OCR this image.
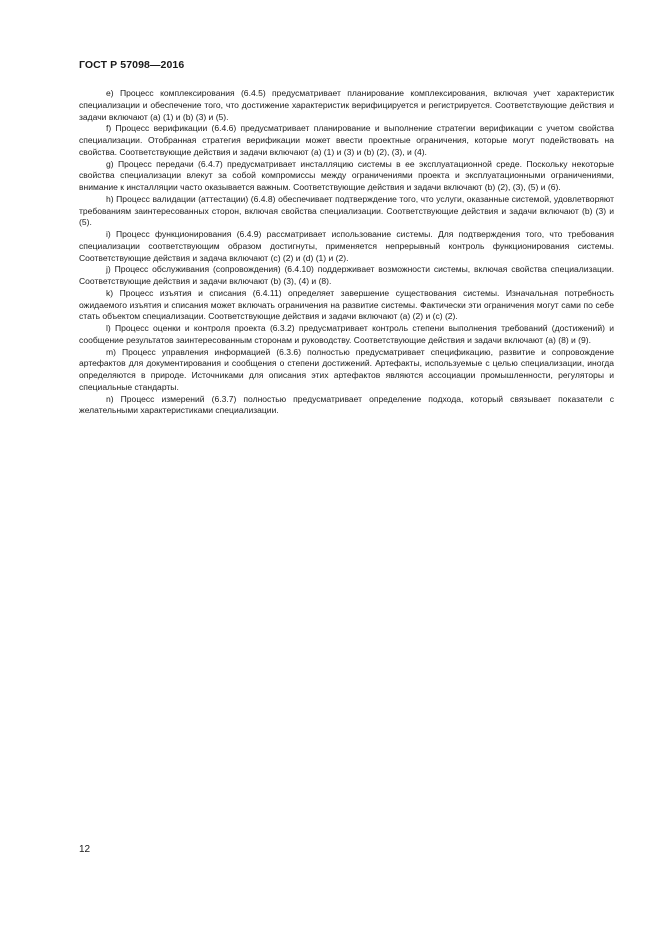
ГОСТ Р 57098—2016

e) Процесс комплексирования (6.4.5) предусматривает планирование комплексирования, включая учет характеристик специализации и обеспечение того, что достижение характеристик верифицируется и регистрируется. Соответствующие действия и задачи включают (a) (1) и (b) (3) и (5).

f) Процесс верификации (6.4.6) предусматривает планирование и выполнение стратегии верификации с учетом свойства специализации. Отобранная стратегия верификации может ввести проектные ограничения, которые могут подействовать на свойства. Соответствующие действия и задачи включают (a) (1) и (3) и (b) (2), (3), и (4).

g) Процесс передачи (6.4.7) предусматривает инсталляцию системы в ее эксплуатационной среде. Поскольку некоторые свойства специализации влекут за собой компромиссы между ограничениями проекта и эксплуатационными ограничениями, внимание к инсталляции часто оказывается важным. Соответствующие действия и задачи включают (b) (2), (3), (5) и (6).

h) Процесс валидации (аттестации) (6.4.8) обеспечивает подтверждение того, что услуги, оказанные системой, удовлетворяют требованиям заинтересованных сторон, включая свойства специализации. Соответствующие действия и задачи включают (b) (3) и (5).

i) Процесс функционирования (6.4.9) рассматривает использование системы. Для подтверждения того, что требования специализации соответствующим образом достигнуты, применяется непрерывный контроль функционирования системы. Соответствующие действия и задача включают (c) (2) и (d) (1) и (2).

j) Процесс обслуживания (сопровождения) (6.4.10) поддерживает возможности системы, включая свойства специализации. Соответствующие действия и задачи включают (b) (3), (4) и (8).

k) Процесс изъятия и списания (6.4.11) определяет завершение существования системы. Изначальная потребность ожидаемого изъятия и списания может включать ограничения на развитие системы. Фактически эти ограничения могут сами по себе стать объектом специализации. Соответствующие действия и задачи включают (a) (2) и (c) (2).

l) Процесс оценки и контроля проекта (6.3.2) предусматривает контроль степени выполнения требований (достижений) и сообщение результатов заинтересованным сторонам и руководству. Соответствующие действия и задачи включают (a) (8) и (9).

m) Процесс управления информацией (6.3.6) полностью предусматривает спецификацию, развитие и сопровождение артефактов для документирования и сообщения о степени достижений. Артефакты, используемые с целью специализации, иногда определяются в природе. Источниками для описания этих артефактов являются ассоциации промышленности, регуляторы и специальные стандарты.

n) Процесс измерений (6.3.7) полностью предусматривает определение подхода, который связывает показатели с желательными характеристиками специализации.

12
